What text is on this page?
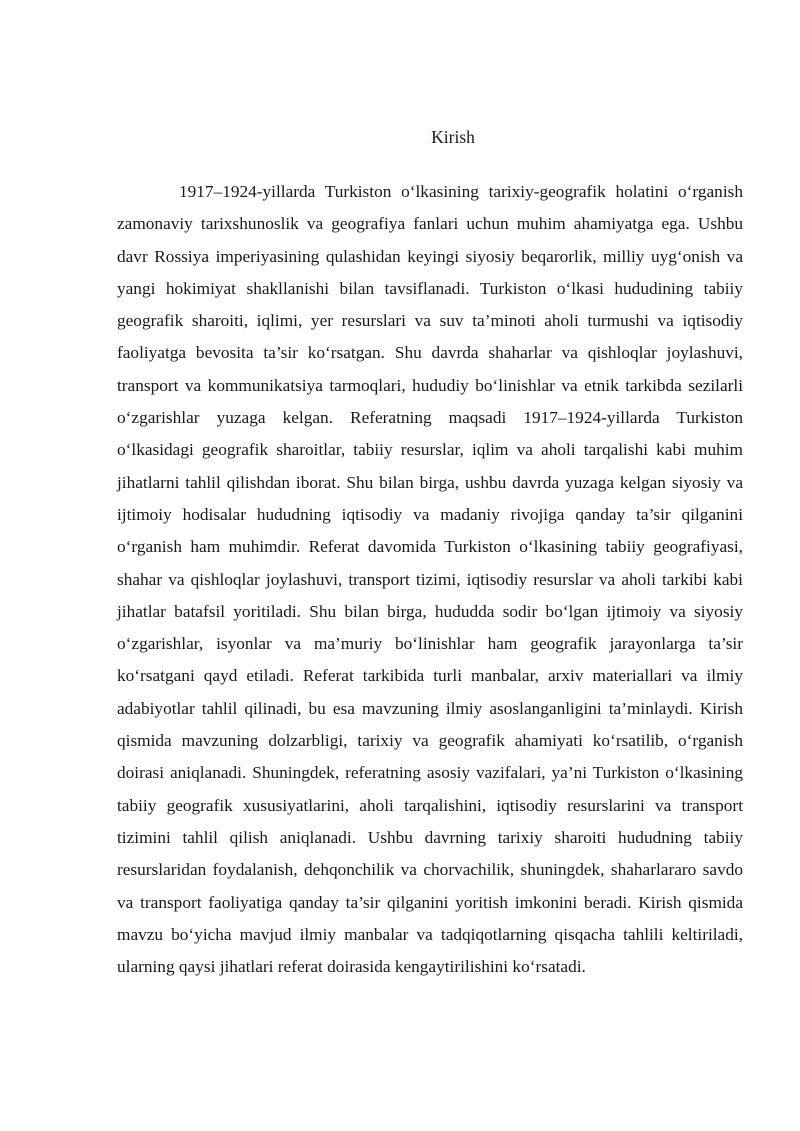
Kirish

1917–1924-yillarda Turkiston o‘lkasining tarixiy-geografik holatini o‘rganish zamonaviy tarixshunoslik va geografiya fanlari uchun muhim ahamiyatga ega. Ushbu davr Rossiya imperiyasining qulashidan keyingi siyosiy beqarorlik, milliy uyg‘onish va yangi hokimiyat shakllanishi bilan tavsiflanadi. Turkiston o‘lkasi hududining tabiiy geografik sharoiti, iqlimi, yer resurslari va suv ta’minoti aholi turmushi va iqtisodiy faoliyatga bevosita ta’sir ko‘rsatgan. Shu davrda shaharlar va qishloqlar joylashuvi, transport va kommunikatsiya tarmoqlari, hududiy bo‘linishlar va etnik tarkibda sezilarli o‘zgarishlar yuzaga kelgan. Referatning maqsadi 1917–1924-yillarda Turkiston o‘lkasidagi geografik sharoitlar, tabiiy resurslar, iqlim va aholi tarqalishi kabi muhim jihatlarni tahlil qilishdan iborat. Shu bilan birga, ushbu davrda yuzaga kelgan siyosiy va ijtimoiy hodisalar hududning iqtisodiy va madaniy rivojiga qanday ta’sir qilganini o‘rganish ham muhimdir. Referat davomida Turkiston o‘lkasining tabiiy geografiyasi, shahar va qishloqlar joylashuvi, transport tizimi, iqtisodiy resurslar va aholi tarkibi kabi jihatlar batafsil yoritiladi. Shu bilan birga, hududda sodir bo‘lgan ijtimoiy va siyosiy o‘zgarishlar, isyonlar va ma’muriy bo‘linishlar ham geografik jarayonlarga ta’sir ko‘rsatgani qayd etiladi. Referat tarkibida turli manbalar, arxiv materiallari va ilmiy adabiyotlar tahlil qilinadi, bu esa mavzuning ilmiy asoslanganligini ta’minlaydi. Kirish qismida mavzuning dolzarbligi, tarixiy va geografik ahamiyati ko‘rsatilib, o‘rganish doirasi aniqlanadi. Shuningdek, referatning asosiy vazifalari, ya’ni Turkiston o‘lkasining tabiiy geografik xususiyatlarini, aholi tarqalishini, iqtisodiy resurslarini va transport tizimini tahlil qilish aniqlanadi. Ushbu davrning tarixiy sharoiti hududning tabiiy resurslaridan foydalanish, dehqonchilik va chorvachilik, shuningdek, shaharlararo savdo va transport faoliyatiga qanday ta’sir qilganini yoritish imkonini beradi. Kirish qismida mavzu bo‘yicha mavjud ilmiy manbalar va tadqiqotlarning qisqacha tahlili keltiriladi, ularning qaysi jihatlari referat doirasida kengaytirilishini ko‘rsatadi.
